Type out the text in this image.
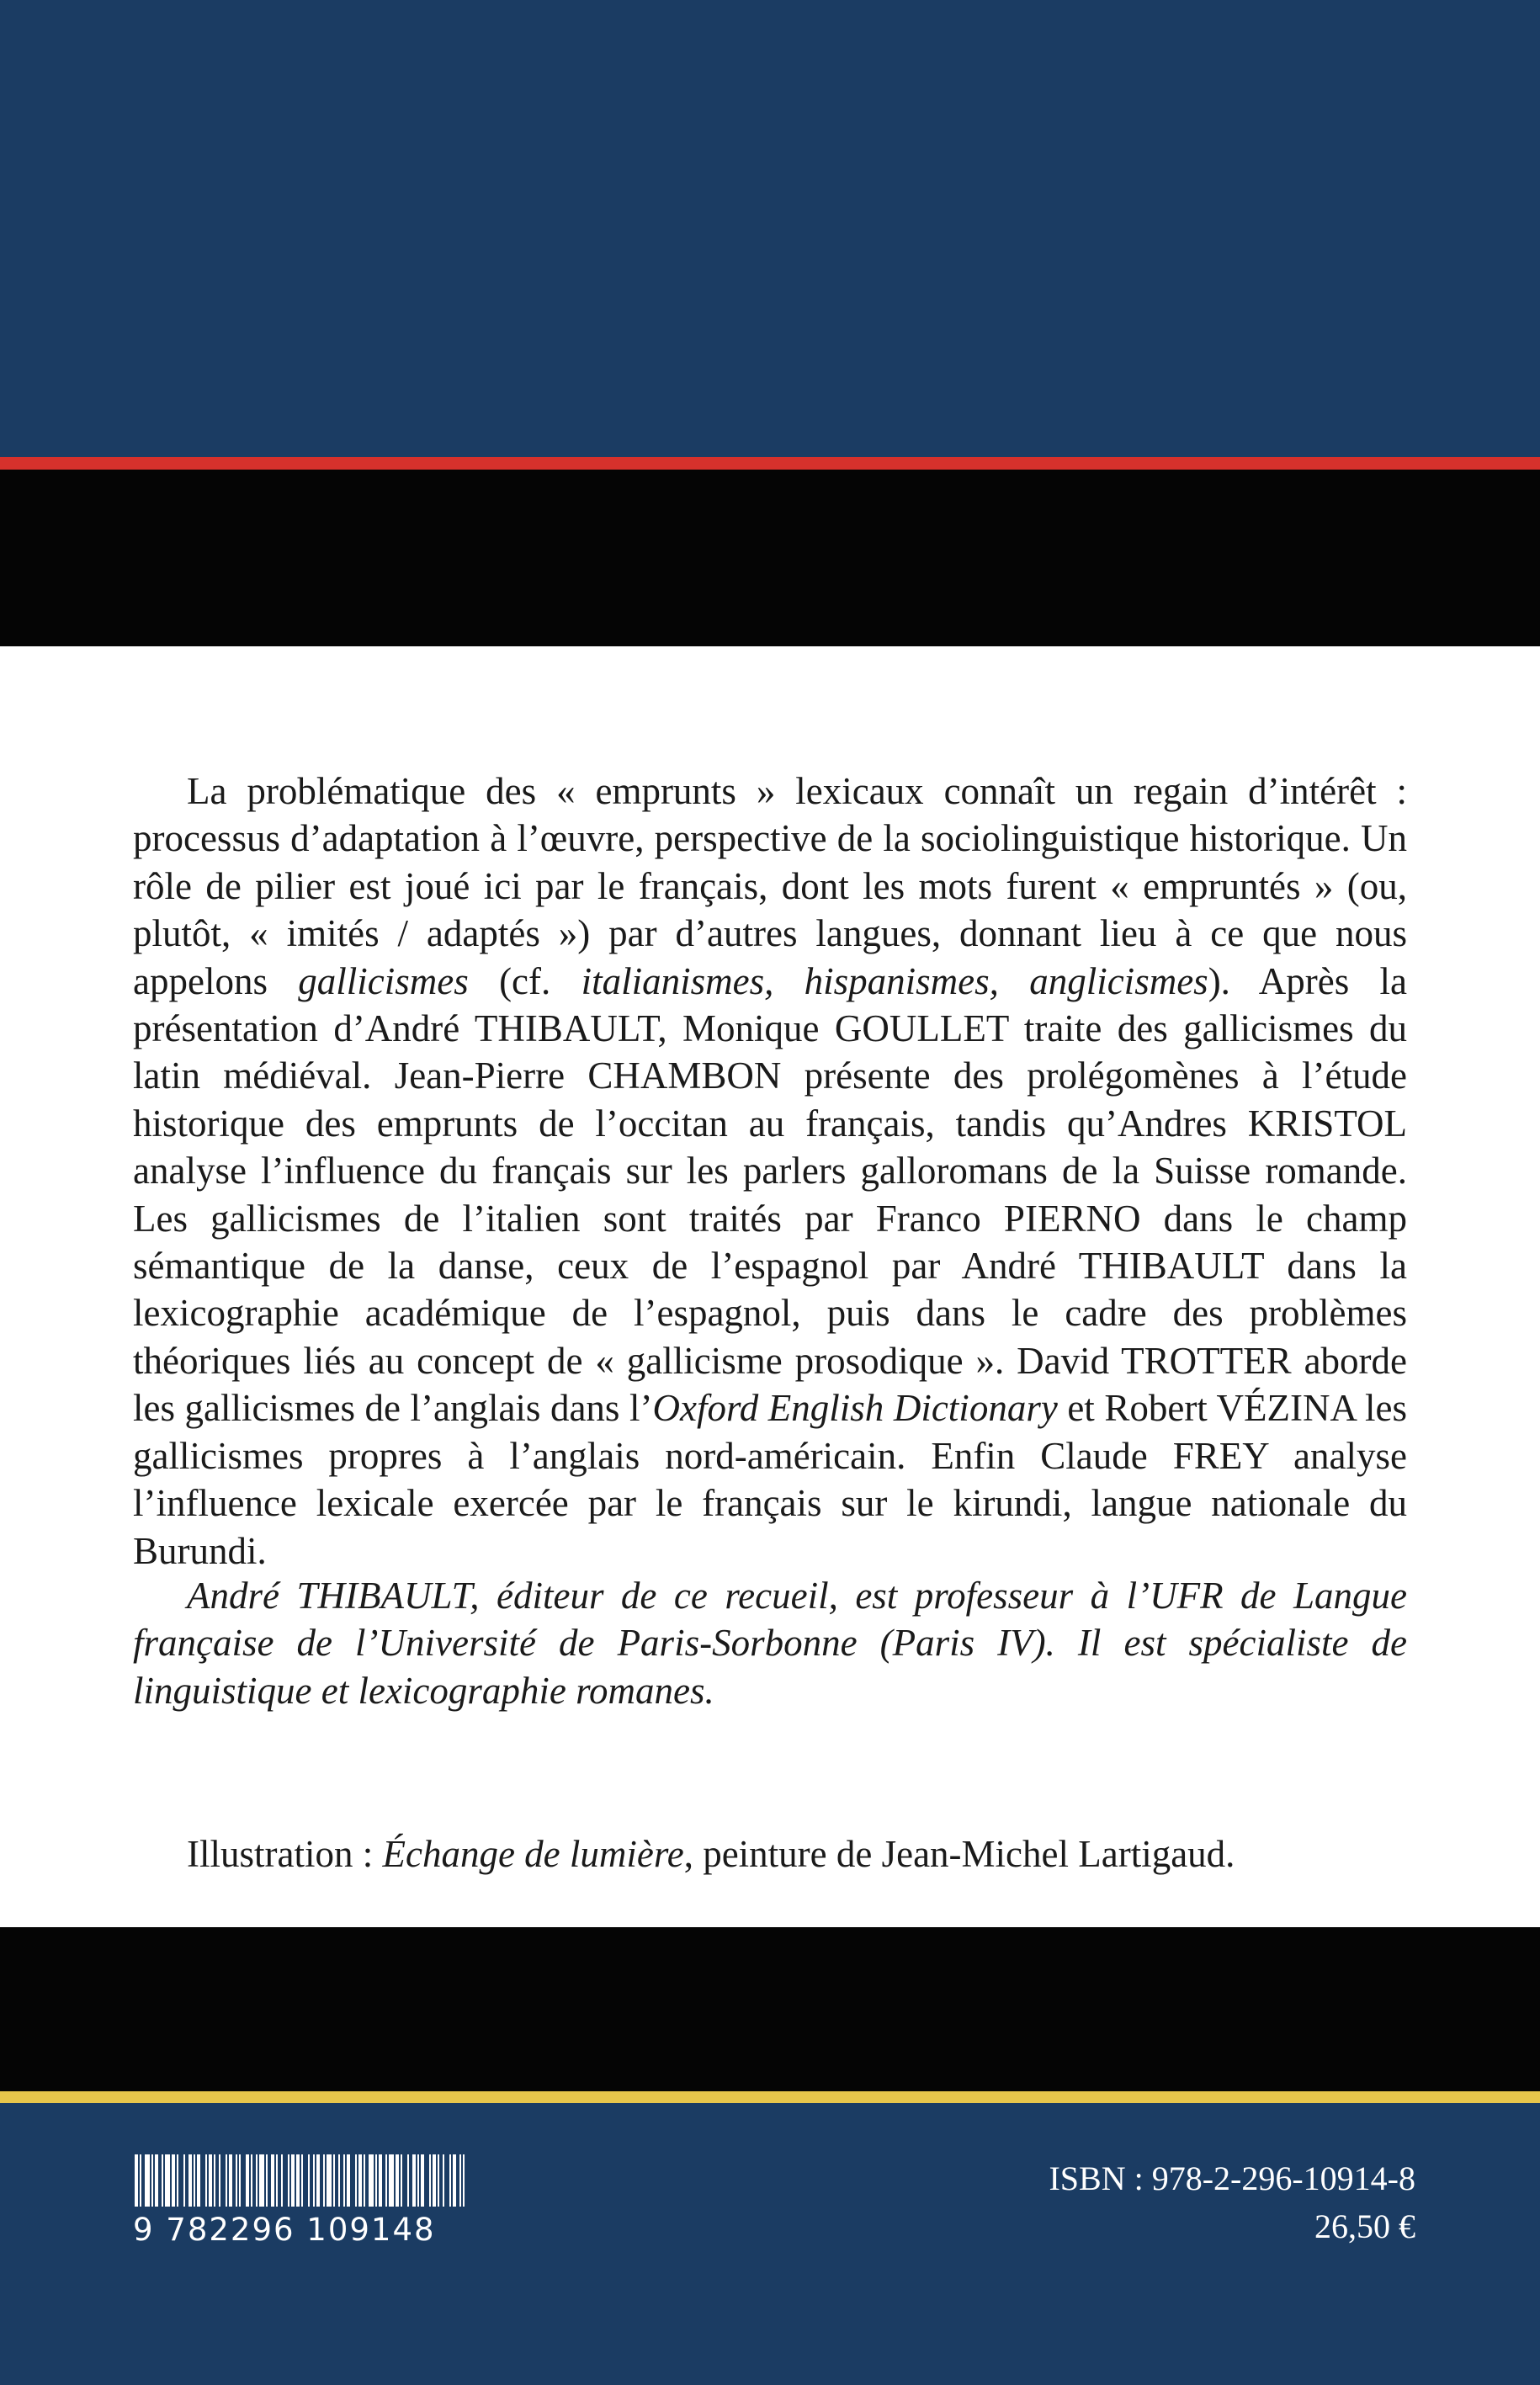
La problématique des « emprunts » lexicaux connaît un regain d’intérêt : processus d’adaptation à l’œuvre, perspective de la sociolinguistique historique. Un rôle de pilier est joué ici par le français, dont les mots furent « empruntés » (ou, plutôt, « imités / adaptés ») par d’autres langues, donnant lieu à ce que nous appelons gallicismes (cf. italianismes, hispanismes, anglicismes). Après la présentation d’André THIBAULT, Monique GOULLET traite des gallicismes du latin médiéval. Jean-Pierre CHAMBON présente des prolégomènes à l’étude historique des emprunts de l’occitan au français, tandis qu’Andres KRISTOL analyse l’influence du français sur les parlers galloromans de la Suisse romande. Les gallicismes de l’italien sont traités par Franco PIERNO dans le champ sémantique de la danse, ceux de l’espagnol par André THIBAULT dans la lexicographie académique de l’espagnol, puis dans le cadre des problèmes théoriques liés au concept de « gallicisme prosodique ». David TROTTER aborde les gallicismes de l’anglais dans l’Oxford English Dictionary et Robert VÉZINA les gallicismes propres à l’anglais nord-américain. Enfin Claude FREY analyse l’influence lexicale exercée par le français sur le kirundi, langue nationale du Burundi.

André THIBAULT, éditeur de ce recueil, est professeur à l’UFR de Langue française de l’Université de Paris-Sorbonne (Paris IV). Il est spécialiste de linguistique et lexicographie romanes.

Illustration : Échange de lumière, peinture de Jean-Michel Lartigaud.

9 782296 109148
ISBN : 978-2-296-10914-8
26,50 €
